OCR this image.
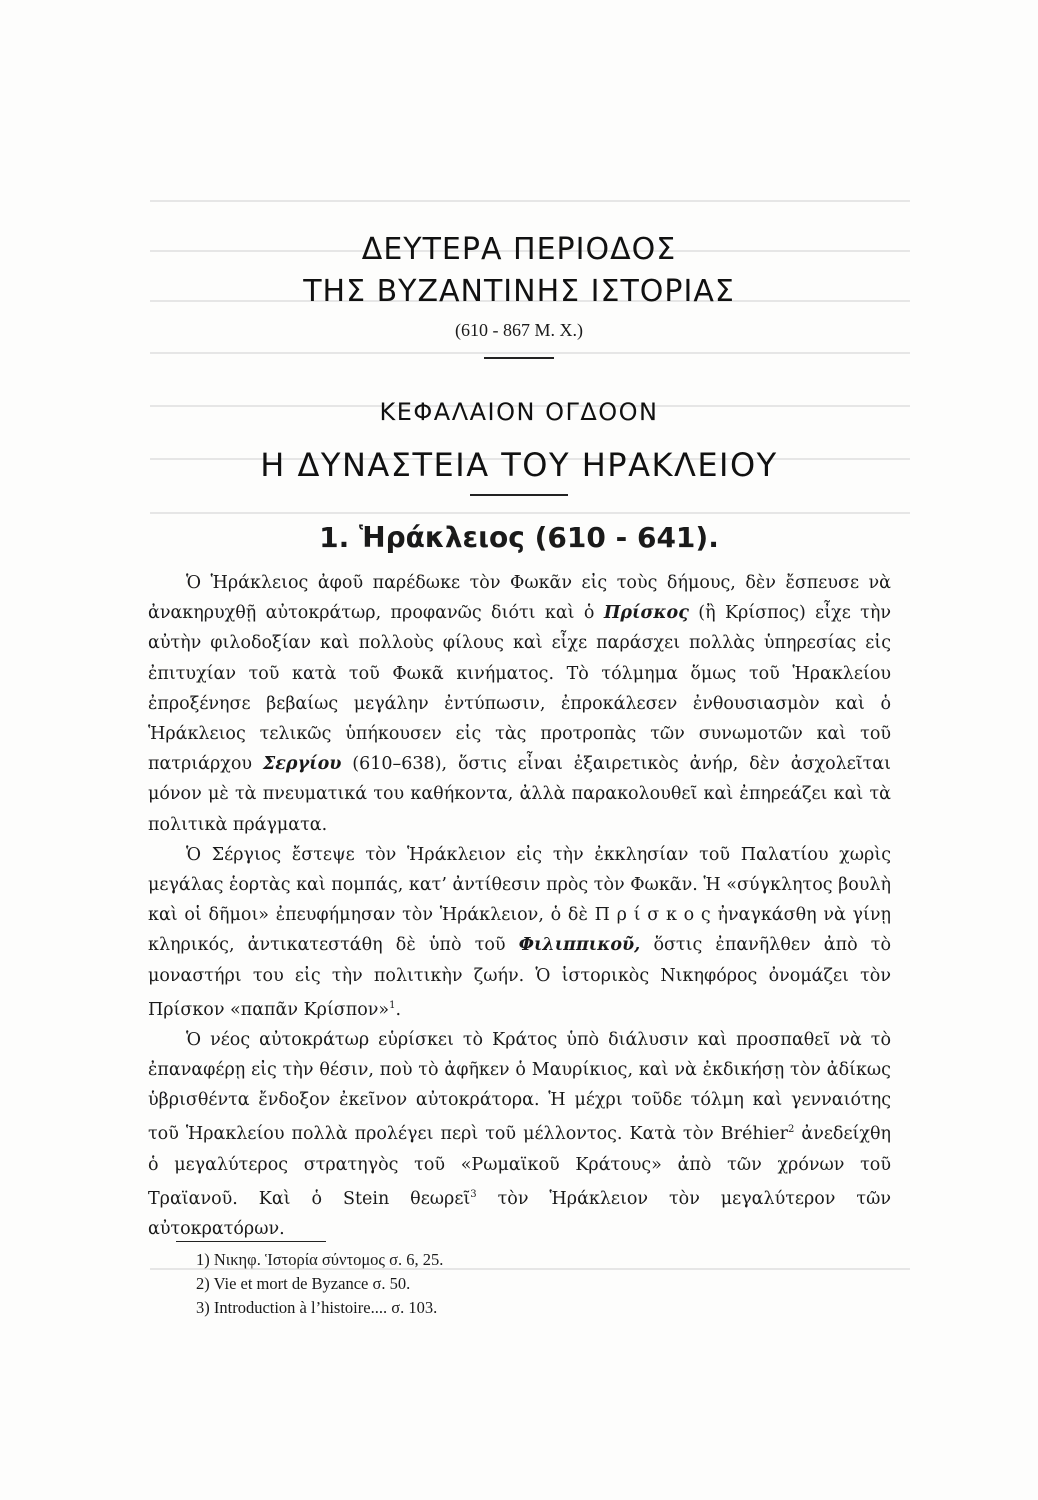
ΔΕΥΤΕΡΑ ΠΕΡΙΟΔΟΣ
ΤΗΣ ΒΥΖΑΝΤΙΝΗΣ ΙΣΤΟΡΙΑΣ
(610 - 867 Μ. Χ.)
ΚΕΦΑΛΑΙΟΝ ΟΓΔΟΟΝ
Η ΔΥΝΑΣΤΕΙΑ ΤΟΥ ΗΡΑΚΛΕΙΟΥ
1. Ἡράκλειος (610 - 641).

Ὁ Ἡράκλειος ἀφοῦ παρέδωκε τὸν Φωκᾶν εἰς τοὺς δήμους, δὲν ἔσπευσε νὰ ἀνακηρυχθῇ αὐτοκράτωρ, προφανῶς διότι καὶ ὁ Πρίσκος (ἢ Κρίσπος) εἶχε τὴν αὐτὴν φιλοδοξίαν καὶ πολλοὺς φίλους καὶ εἶχε παράσχει πολλὰς ὑπηρεσίας εἰς ἐπιτυχίαν τοῦ κατὰ τοῦ Φωκᾶ κινήματος. Τὸ τόλμημα ὅμως τοῦ Ἡρακλείου ἐπροξένησε βεβαίως μεγάλην ἐντύπωσιν, ἐπροκάλεσεν ἐνθουσιασμὸν καὶ ὁ Ἡράκλειος τελικῶς ὑπήκουσεν εἰς τὰς προτροπὰς τῶν συνωμοτῶν καὶ τοῦ πατριάρχου Σεργίου (610–638), ὅστις εἶναι ἐξαιρετικὸς ἀνήρ, δὲν ἀσχολεῖται μόνον μὲ τὰ πνευματικά του καθήκοντα, ἀλλὰ παρακολουθεῖ καὶ ἐπηρεάζει καὶ τὰ πολιτικὰ πράγματα.

Ὁ Σέργιος ἔστεψε τὸν Ἡράκλειον εἰς τὴν ἐκκλησίαν τοῦ Παλατίου χωρὶς μεγάλας ἑορτὰς καὶ πομπάς, κατ’ ἀντίθεσιν πρὸς τὸν Φωκᾶν. Ἡ «σύγκλητος βουλὴ καὶ οἱ δῆμοι» ἐπευφήμησαν τὸν Ἡράκλειον, ὁ δὲ Π ρ ί σ κ ο ς ἠναγκάσθη νὰ γίνῃ κληρικός, ἀντικατεστάθη δὲ ὑπὸ τοῦ Φιλιππικοῦ, ὅστις ἐπανῆλθεν ἀπὸ τὸ μοναστήρι του εἰς τὴν πολιτικὴν ζωήν. Ὁ ἱστορικὸς Νικηφόρος ὀνομάζει τὸν Πρίσκον «παπᾶν Κρίσπον»$^1$.

Ὁ νέος αὐτοκράτωρ εὑρίσκει τὸ Κράτος ὑπὸ διάλυσιν καὶ προσπαθεῖ νὰ τὸ ἐπαναφέρῃ εἰς τὴν θέσιν, ποὺ τὸ ἀφῆκεν ὁ Μαυρίκιος, καὶ νὰ ἐκδικήσῃ τὸν ἀδίκως ὑβρισθέντα ἔνδοξον ἐκεῖνον αὐτοκράτορα. Ἡ μέχρι τοῦδε τόλμη καὶ γενναιότης τοῦ Ἡρακλείου πολλὰ προλέγει περὶ τοῦ μέλλοντος. Κατὰ τὸν Bréhier$^2$ ἀνεδείχθη ὁ μεγαλύτερος στρατηγὸς τοῦ «Ρωμαϊκοῦ Κράτους» ἀπὸ τῶν χρόνων τοῦ Τραϊανοῦ. Καὶ ὁ Stein θεωρεῖ$^3$ τὸν Ἡράκλειον τὸν μεγαλύτερον τῶν αὐτοκρατόρων.

1) Νικηφ. Ἱστορία σύντομος σ. 6, 25.

2) Vie et mort de Byzance σ. 50.

3) Introduction à l’histoire.... σ. 103.
